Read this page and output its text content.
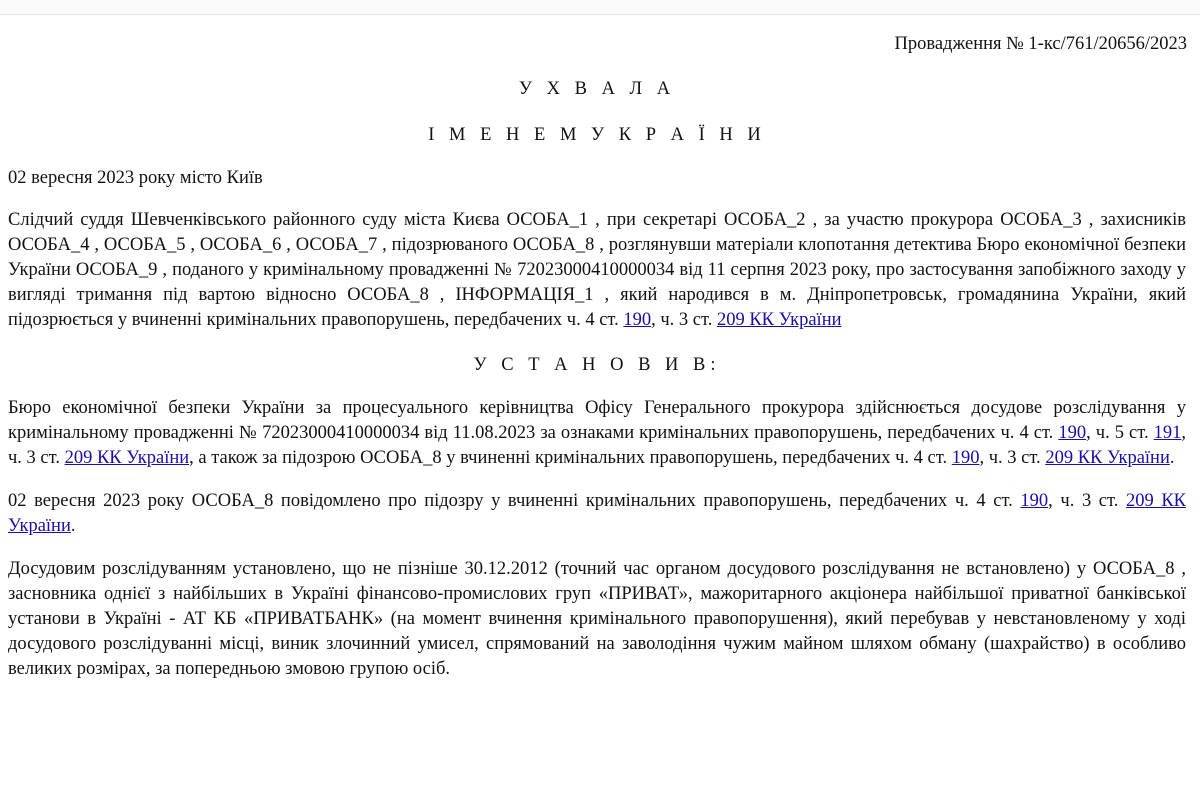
Провадження № 1-кс/761/20656/2023
У Х В А Л А
І М Е Н Е М У К Р А Ї Н И

02 вересня 2023 року місто Київ

Слідчий суддя Шевченківського районного суду міста Києва ОСОБА_1 , при секретарі ОСОБА_2 , за участю прокурора ОСОБА_3 , захисників ОСОБА_4 , ОСОБА_5 , ОСОБА_6 , ОСОБА_7 , підозрюваного ОСОБА_8 , розглянувши матеріали клопотання детектива Бюро економічної безпеки України ОСОБА_9 , поданого у кримінальному провадженні № 72023000410000034 від 11 серпня 2023 року, про застосування запобіжного заходу у вигляді тримання під вартою відносно ОСОБА_8 , ІНФОРМАЦІЯ_1 , який народився в м. Дніпропетровськ, громадянина України, який підозрюється у вчиненні кримінальних правопорушень, передбачених ч. 4 ст. 190, ч. 3 ст. 209 КК України

У С Т А Н О В И В:

Бюро економічної безпеки України за процесуального керівництва Офісу Генерального прокурора здійснюється досудове розслідування у кримінальному провадженні № 72023000410000034 від 11.08.2023 за ознаками кримінальних правопорушень, передбачених ч. 4 ст. 190, ч. 5 ст. 191, ч. 3 ст. 209 КК України, а також за підозрою ОСОБА_8 у вчиненні кримінальних правопорушень, передбачених ч. 4 ст. 190, ч. 3 ст. 209 КК України.

02 вересня 2023 року ОСОБА_8 повідомлено про підозру у вчиненні кримінальних правопорушень, передбачених ч. 4 ст. 190, ч. 3 ст. 209 КК України.

Досудовим розслідуванням установлено, що не пізніше 30.12.2012 (точний час органом досудового розслідування не встановлено) у ОСОБА_8 , засновника однієї з найбільших в Україні фінансово-промислових груп «ПРИВАТ», мажоритарного акціонера найбільшої приватної банківської установи в Україні - АТ КБ «ПРИВАТБАНК» (на момент вчинення кримінального правопорушення), який перебував у невстановленому у ході досудового розслідуванні місці, виник злочинний умисел, спрямований на заволодіння чужим майном шляхом обману (шахрайство) в особливо великих розмірах, за попередньою змовою групою осіб.
